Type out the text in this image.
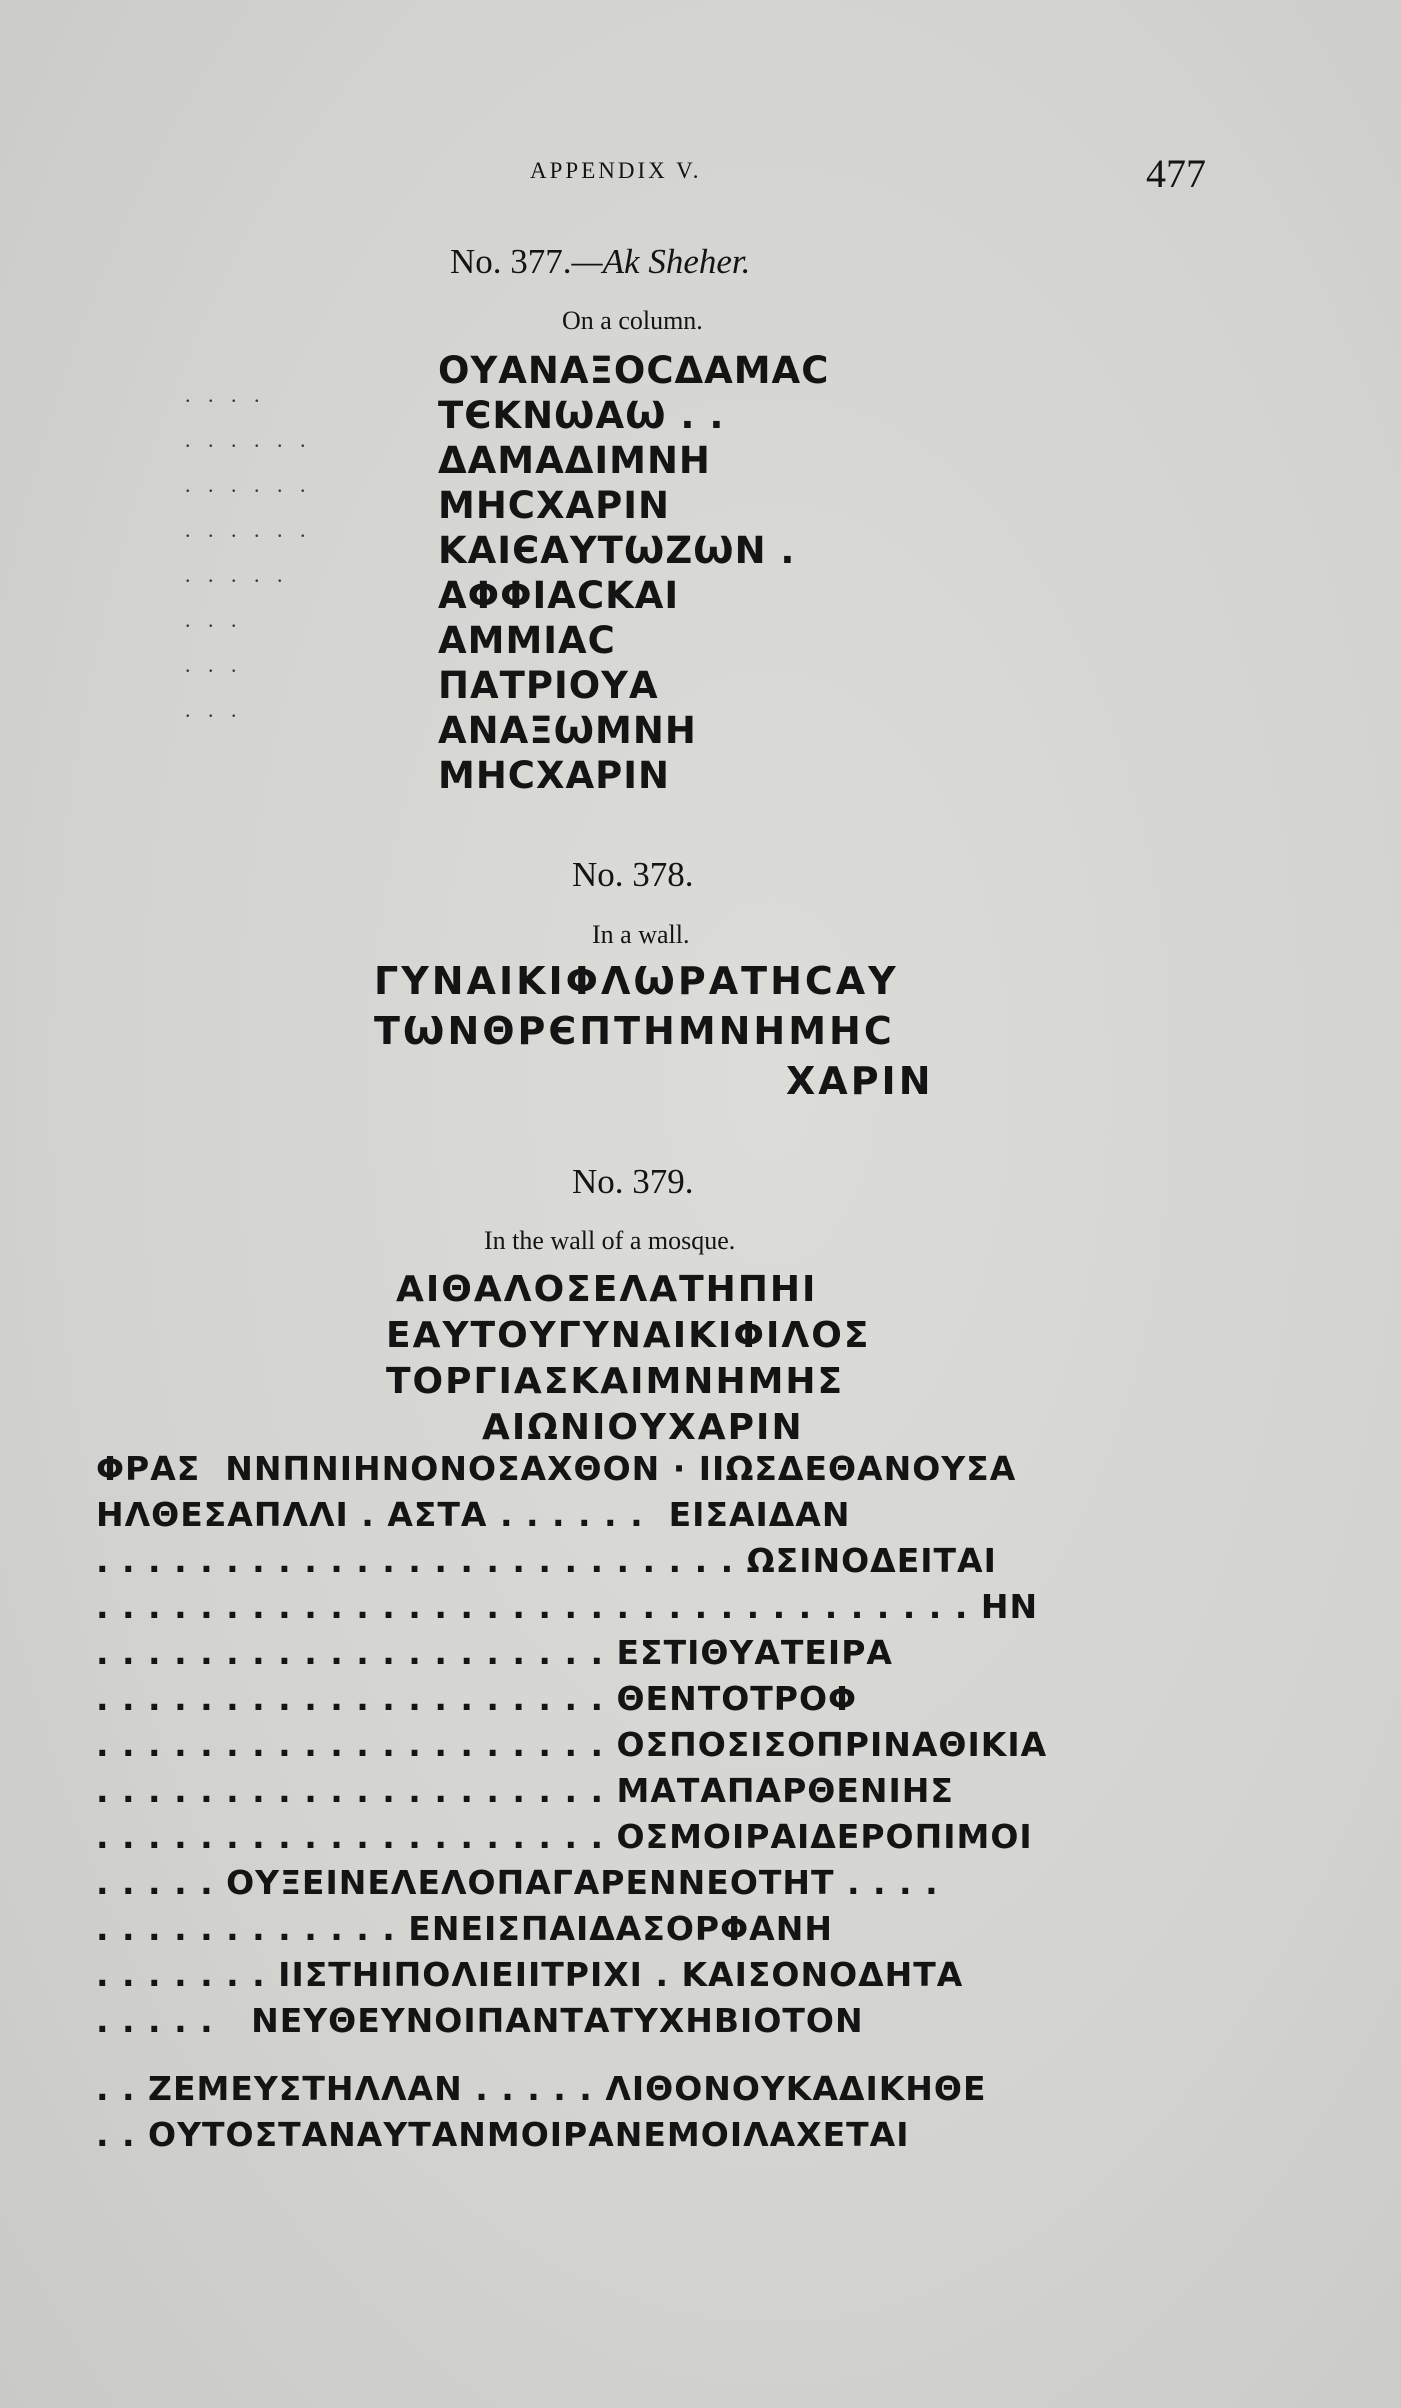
APPENDIX V.	477
No. 377.—Ak Sheher.
On a column.
. . . .
. . . . . .
. . . . . .
. . . . . .
. . . . .
. . .
. . .
. . .
ΟΥΑΝΑΞΟCΔΑΜΑC
ΤЄΚΝѠΑѠ . .
ΔΑΜΑΔΙΜΝΗ
ΜΗCΧΑΡΙΝ
ΚΑΙЄΑΥΤѠΖѠΝ .
ΑΦΦΙΑCΚΑΙ
ΑΜΜΙΑC
ΠΑΤΡΙΟΥΑ
ΑΝΑΞѠΜΝΗ
ΜΗCΧΑΡΙΝ
No. 378.
In a wall.
ΓΥΝΑΙΚΙΦΛѠΡΑΤΗCΑΥ
ΤѠΝΘΡЄΠΤΗΜΝΗΜΗC
ΧΑΡΙΝ
No. 379.
In the wall of a mosque.
ΑΙΘΑΛΟΣΕΛΑΤΗΠΗΙ
ΕΑΥΤΟΥΓΥΝΑΙΚΙΦΙΛΟΣ
ΤΟΡΓΙΑΣΚΑΙΜΝΗΜΗΣ
ΑΙΩΝΙΟΥΧΑΡΙΝ
ΦΡΑΣ  ΝΝΠΝΙΗΝΟΝΟΣΑΧΘΟΝ · ΙΙΩΣΔΕΘΑΝΟΥΣΑ
ΗΛΘΕΣΑΠΛΛΙ . ΑΣΤΑ . . . . . .  ΕΙΣΑΙΔΑΝ
. . . . . . . . . . . . . . . . . . . . . . . . . ΩΣΙΝΟΔΕΙΤΑΙ
. . . . . . . . . . . . . . . . . . . . . . . . . . . . . . . . . . ΗΝ
. . . . . . . . . . . . . . . . . . . . ΕΣΤΙΘΥΑΤΕΙΡΑ
. . . . . . . . . . . . . . . . . . . . ΘΕΝΤΟΤΡΟΦ
. . . . . . . . . . . . . . . . . . . . ΟΣΠΟΣΙΣΟΠΡΙΝΑΘΙΚΙΑ
. . . . . . . . . . . . . . . . . . . . ΜΑΤΑΠΑΡΘΕΝΙΗΣ
. . . . . . . . . . . . . . . . . . . . ΟΣΜΟΙΡΑΙΔΕΡΟΠΙΜΟΙ
. . . . . ΟΥΞΕΙΝΕΛΕΛΟΠΑΓΑΡΕΝΝΕΟΤΗΤ . . . .
. . . . . . . . . . . . ΕΝΕΙΣΠΑΙΔΑΣΟΡΦΑΝΗ
. . . . . . . ΙΙΣΤΗΙΠΟΛΙΕΙΙΤΡΙΧΙ . ΚΑΙΣΟΝΟΔΗΤΑ
. . . . .   ΝΕΥΘΕΥΝΟΙΠΑΝΤΑΤΥΧΗΒΙΟΤΟΝ
. . ΖΕΜΕΥΣΤΗΛΛΑΝ . . . . . ΛΙΘΟΝΟΥΚΑΔΙΚΗΘΕ
. . ΟΥΤΟΣΤΑΝΑΥΤΑΝΜΟΙΡΑΝΕΜΟΙΛΑΧΕΤΑΙ
